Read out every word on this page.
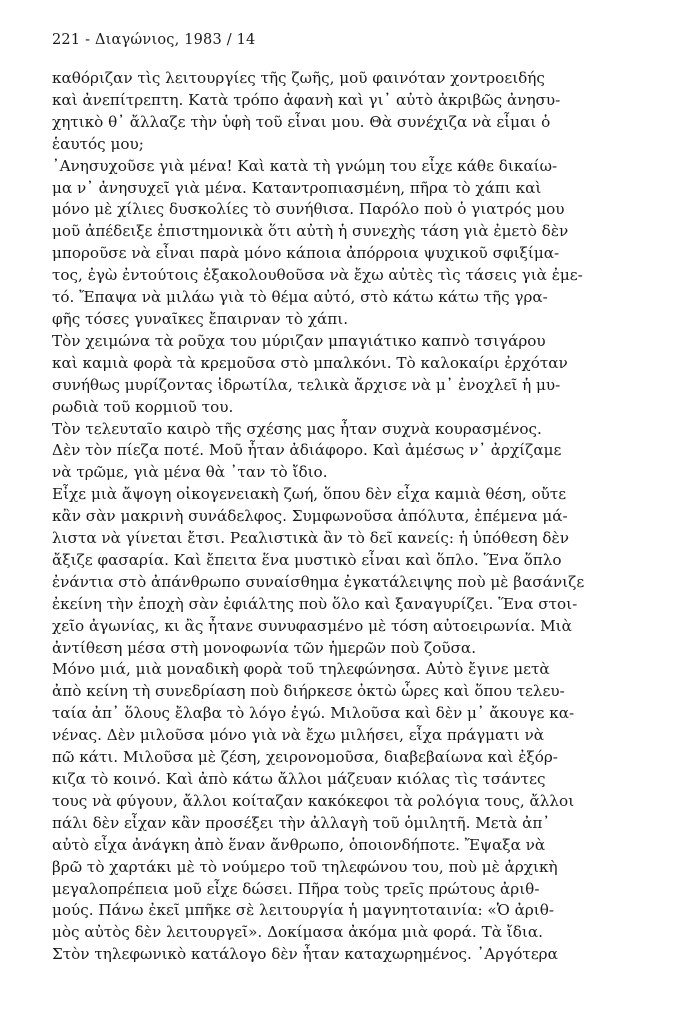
221 - Διαγώνιος, 1983 / 14
καθόριζαν τὶς λειτουργίες τῆς ζωῆς, μοῦ φαινόταν χοντροειδής
καὶ ἀνεπίτρεπτη. Κατὰ τρόπο ἀφανὴ καὶ γι᾽ αὐτὸ ἀκριβῶς ἀνησυ-
χητικὸ θ᾽ ἄλλαζε τὴν ὑφὴ τοῦ εἶναι μου. Θὰ συνέχιζα νὰ εἶμαι ὁ
ἑαυτός μου;
᾽Ανησυχοῦσε γιὰ μένα! Καὶ κατὰ τὴ γνώμη του εἶχε κάθε δικαίω-
μα ν᾽ ἀνησυχεῖ γιὰ μένα. Καταντροπιασμένη, πῆρα τὸ χάπι καὶ
μόνο μὲ χίλιες δυσκολίες τὸ συνήθισα. Παρόλο ποὺ ὁ γιατρός μου
μοῦ ἀπέδειξε ἐπιστημονικὰ ὅτι αὐτὴ ἡ συνεχὴς τάση γιὰ ἐμετὸ δὲν
μποροῦσε νὰ εἶναι παρὰ μόνο κάποια ἀπόρροια ψυχικοῦ σφιξίμα-
τος, ἐγὼ ἐντούτοις ἐξακολουθοῦσα νὰ ἔχω αὐτὲς τὶς τάσεις γιὰ ἐμε-
τό. Ἔπαψα νὰ μιλάω γιὰ τὸ θέμα αὐτό, στὸ κάτω κάτω τῆς γρα-
φῆς τόσες γυναῖκες ἔπαιρναν τὸ χάπι.
Τὸν χειμώνα τὰ ροῦχα του μύριζαν μπαγιάτικο καπνὸ τσιγάρου
καὶ καμιὰ φορὰ τὰ κρεμοῦσα στὸ μπαλκόνι. Τὸ καλοκαίρι ἐρχόταν
συνήθως μυρίζοντας ἱδρωτίλα, τελικὰ ἄρχισε νὰ μ᾽ ἐνοχλεῖ ἡ μυ-
ρωδιὰ τοῦ κορμιοῦ του.
Τὸν τελευταῖο καιρὸ τῆς σχέσης μας ἦταν συχνὰ κουρασμένος.
Δὲν τὸν πίεζα ποτέ. Μοῦ ἦταν ἀδιάφορο. Καὶ ἀμέσως ν᾽ ἀρχίζαμε
νὰ τρῶμε, γιὰ μένα θὰ ᾽ταν τὸ ἴδιο.
Εἶχε μιὰ ἄψογη οἰκογενειακὴ ζωή, ὅπου δὲν εἶχα καμιὰ θέση, οὔτε
κἂν σὰν μακρινὴ συνάδελφος. Συμφωνοῦσα ἀπόλυτα, ἐπέμενα μά-
λιστα νὰ γίνεται ἔτσι. Ρεαλιστικὰ ἂν τὸ δεῖ κανείς: ἡ ὑπόθεση δὲν
ἄξιζε φασαρία. Καὶ ἔπειτα ἕνα μυστικὸ εἶναι καὶ ὅπλο. Ἕνα ὅπλο
ἐνάντια στὸ ἀπάνθρωπο συναίσθημα ἐγκατάλειψης ποὺ μὲ βασάνιζε
ἐκείνη τὴν ἐποχὴ σὰν ἐφιάλτης ποὺ ὅλο καὶ ξαναγυρίζει. Ἕνα στοι-
χεῖο ἀγωνίας, κι ἂς ἦτανε συνυφασμένο μὲ τόση αὐτοειρωνία. Μιὰ
ἀντίθεση μέσα στὴ μονοφωνία τῶν ἡμερῶν ποὺ ζοῦσα.
Μόνο μιά, μιὰ μοναδικὴ φορὰ τοῦ τηλεφώνησα. Αὐτὸ ἔγινε μετὰ
ἀπὸ κείνη τὴ συνεδρίαση ποὺ διήρκεσε ὀκτὼ ὧρες καὶ ὅπου τελευ-
ταία ἀπ᾽ ὅλους ἔλαβα τὸ λόγο ἐγώ. Μιλοῦσα καὶ δὲν μ᾽ ἄκουγε κα-
νένας. Δὲν μιλοῦσα μόνο γιὰ νὰ ἔχω μιλήσει, εἶχα πράγματι νὰ
πῶ κάτι. Μιλοῦσα μὲ ζέση, χειρονομοῦσα, διαβεβαίωνα καὶ ἐξόρ-
κιζα τὸ κοινό. Καὶ ἀπὸ κάτω ἄλλοι μάζευαν κιόλας τὶς τσάντες
τους νὰ φύγουν, ἄλλοι κοίταζαν κακόκεφοι τὰ ρολόγια τους, ἄλλοι
πάλι δὲν εἶχαν κἂν προσέξει τὴν ἀλλαγὴ τοῦ ὁμιλητῆ. Μετὰ ἀπ᾽
αὐτὸ εἶχα ἀνάγκη ἀπὸ ἕναν ἄνθρωπο, ὁποιονδήποτε. Ἔψαξα νὰ
βρῶ τὸ χαρτάκι μὲ τὸ νούμερο τοῦ τηλεφώνου του, ποὺ μὲ ἀρχικὴ
μεγαλοπρέπεια μοῦ εἶχε δώσει. Πῆρα τοὺς τρεῖς πρώτους ἀριθ-
μούς. Πάνω ἐκεῖ μπῆκε σὲ λειτουργία ἡ μαγνητοταινία: «Ὁ ἀριθ-
μὸς αὐτὸς δὲν λειτουργεῖ». Δοκίμασα ἀκόμα μιὰ φορά. Τὰ ἴδια.
Στὸν τηλεφωνικὸ κατάλογο δὲν ἦταν καταχωρημένος. ᾽Αργότερα
